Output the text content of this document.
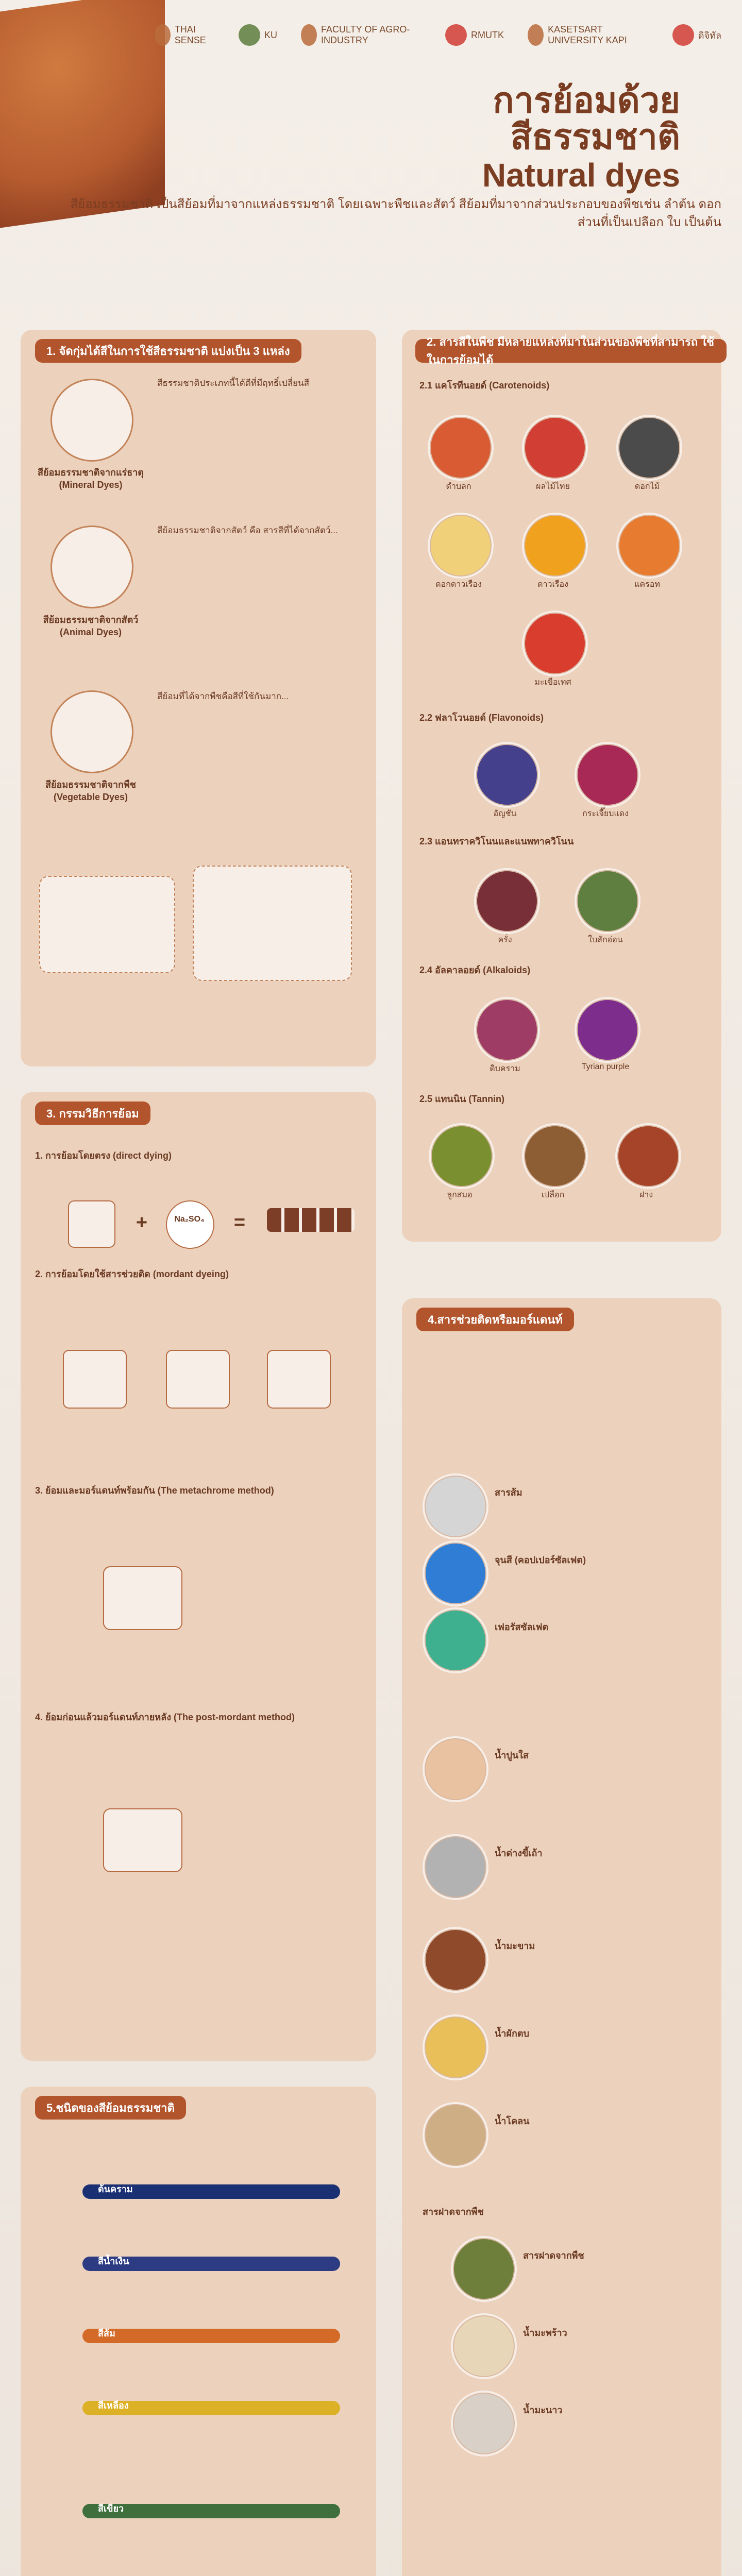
THAI SENSE
KU
FACULTY OF AGRO-INDUSTRY
RMUTK
KASETSART UNIVERSITY KAPI	ดิจิทัล
การย้อมด้วย
สีธรรมชาติ
Natural dyes
สีย้อมธรรมชาติ เป็นสีย้อมที่มาจากแหล่งธรรมชาติ โดยเฉพาะพืชและสัตว์ สีย้อมที่มาจากส่วนประกอบของพืชเช่น ลำต้น ดอก ส่วนที่เป็นเปลือก ใบ เป็นต้น
1. จัดกุ่มได้สีในการใช้สีธรรมชาติ แบ่งเป็น 3 แหล่ง
สีย้อมธรรมชาติจากแร่ธาตุ (Mineral Dyes)
สีธรรมชาติประเภทนี้ได้ดีที่มีฤทธิ์เปลี่ยนสี
สีย้อมธรรมชาติจากสัตว์ (Animal Dyes)
สีย้อมธรรมชาติจากสัตว์ คือ สารสีที่ได้จากสัตว์...
สีย้อมธรรมชาติจากพืช (Vegetable Dyes)
สีย้อมที่ได้จากพืชคือสีที่ใช้กันมาก...
2. สารสีในพืช มีหลายแหล่งที่มาในส่วนของพืชที่สามารถ ใช้ในการย้อมได้
2.1 แคโรทีนอยด์ (Carotenoids)
ดำบลก	ผลไม้ไทย	ดอกไม้
ดอกดาวเรือง	ดาวเรือง	แครอท
มะเขือเทศ
2.2 ฟลาโวนอยด์ (Flavonoids)
อัญชัน	กระเจี๊ยบแดง
2.3 แอนทราควิโนนและแนพทาควิโนน
ครั่ง	ใบสักอ่อน
2.4 อัลคาลอยด์ (Alkaloids)
ดิบคราม	Tyrian purple
2.5 แทนนิน (Tannin)
ลูกสมอ	เปลือก	ฝาง
3. กรรมวิธีการย้อม
1. การย้อมโดยตรง (direct dying)
+	Na₂SO₄	=
2. การย้อมโดยใช้สารช่วยติด (mordant dyeing)
3. ย้อมและมอร์แดนท์พร้อมกัน (The metachrome method)
4. ย้อมก่อนแล้วมอร์แดนท์ภายหลัง (The post-mordant method)
4.สารช่วยติดหรือมอร์แดนท์
สารส้ม
จุนสี (คอปเปอร์ซัลเฟต)
เฟอรัสซัลเฟต
น้ำปูนใส
น้ำด่างขี้เถ้า
น้ำมะขาม
น้ำผักตบ
น้ำโคลน
สารฝาดจากพืช
สารฝาดจากพืช
น้ำมะพร้าว
น้ำมะนาว
5.ชนิดของสีย้อมธรรมชาติ
ต้นคราม
สีน้ำเงิน
สีส้ม
สีเหลือง
สีเขียว
